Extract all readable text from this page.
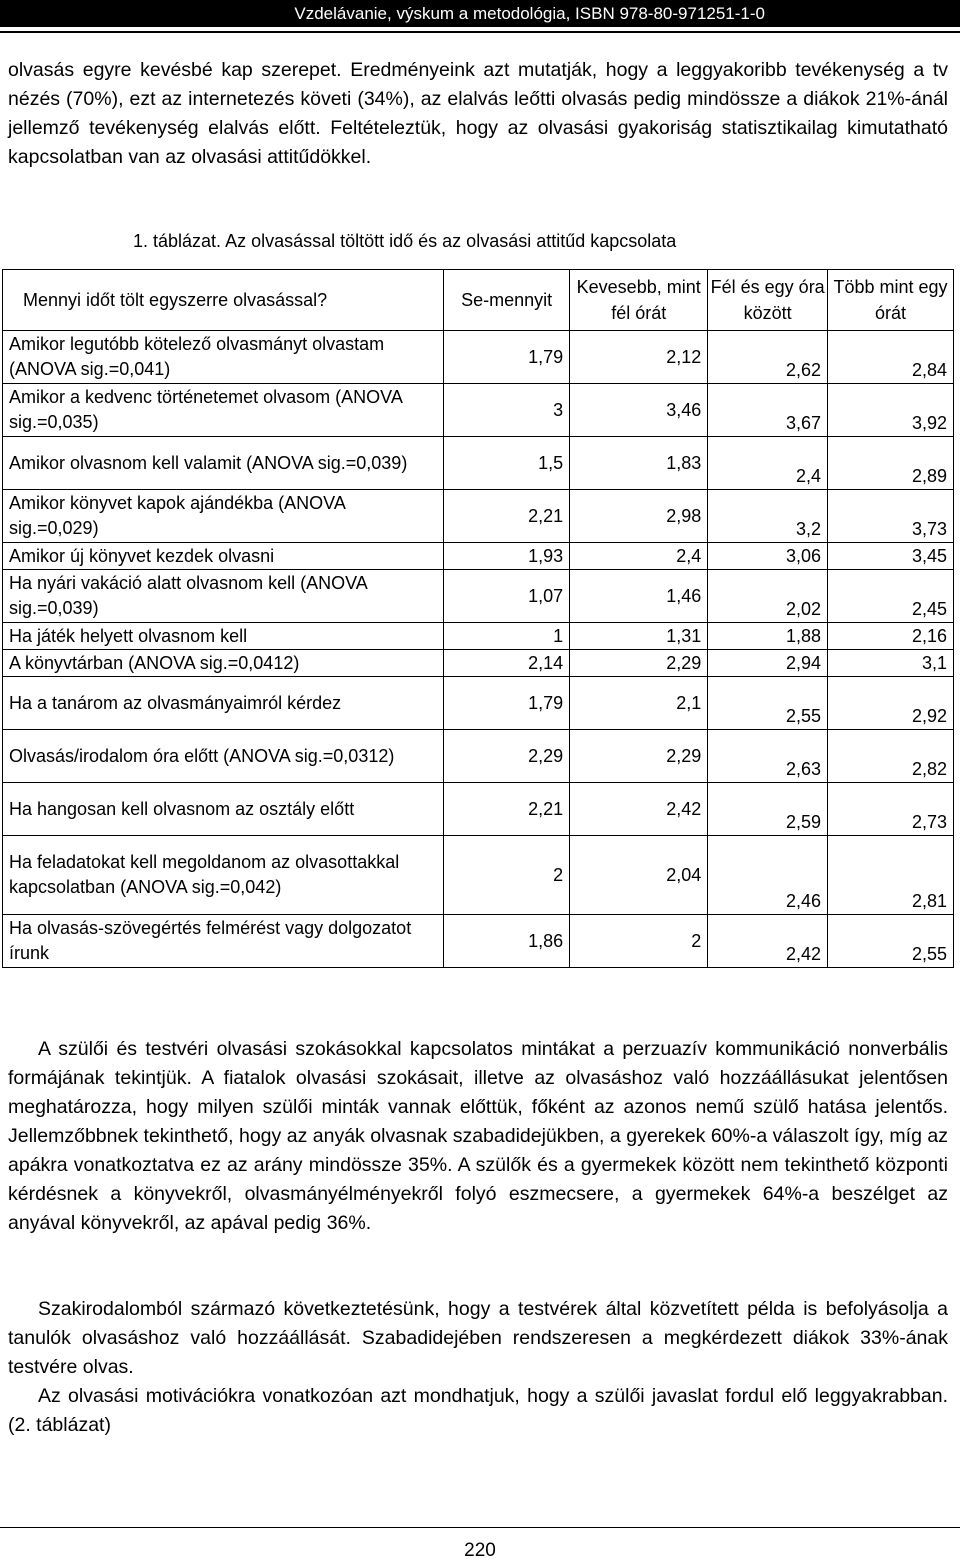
Vzdelávanie, výskum a metodológia, ISBN 978-80-971251-1-0

olvasás egyre kevésbé kap szerepet. Eredményeink azt mutatják, hogy a leggyakoribb tevékenység a tv nézés (70%), ezt az internetezés követi (34%), az elalvás leőtti olvasás pedig mindössze a diákok 21%-ánál jellemző tevékenység elalvás előtt. Feltételeztük, hogy az olvasási gyakoriság statisztikailag kimutatható kapcsolatban van az olvasási attitűdökkel.

1. táblázat. Az olvasással töltött idő és az olvasási attitűd kapcsolata
Mennyi időt tölt egyszerre olvasással?	Se-mennyit	Kevesebb, mint fél órát	Fél és egy óra között	Több mint egy órát
Amikor legutóbb kötelező olvasmányt olvastam (ANOVA sig.=0,041)	1,79	2,12	2,62	2,84
Amikor a kedvenc történetemet olvasom (ANOVA sig.=0,035)	3	3,46	3,67	3,92
Amikor olvasnom kell valamit (ANOVA sig.=0,039)	1,5	1,83	2,4	2,89
Amikor könyvet kapok ajándékba (ANOVA sig.=0,029)	2,21	2,98	3,2	3,73
Amikor új könyvet kezdek olvasni	1,93	2,4	3,06	3,45
Ha nyári vakáció alatt olvasnom kell (ANOVA sig.=0,039)	1,07	1,46	2,02	2,45
Ha játék helyett olvasnom kell	1	1,31	1,88	2,16
A könyvtárban (ANOVA sig.=0,0412)	2,14	2,29	2,94	3,1
Ha a tanárom az olvasmányaimról kérdez	1,79	2,1	2,55	2,92
Olvasás/irodalom óra előtt (ANOVA sig.=0,0312)	2,29	2,29	2,63	2,82
Ha hangosan kell olvasnom az osztály előtt	2,21	2,42	2,59	2,73
Ha feladatokat kell megoldanom az olvasottakkal kapcsolatban (ANOVA sig.=0,042)	2	2,04	2,46	2,81
Ha olvasás-szövegértés felmérést vagy dolgozatot írunk	1,86	2	2,42	2,55

A szülői és testvéri olvasási szokásokkal kapcsolatos mintákat a perzuazív kommunikáció nonverbális formájának tekintjük. A fiatalok olvasási szokásait, illetve az olvasáshoz való hozzáállásukat jelentősen meghatározza, hogy milyen szülői minták vannak előttük, főként az azonos nemű szülő hatása jelentős. Jellemzőbbnek tekinthető, hogy az anyák olvasnak szabadidejükben, a gyerekek 60%-a válaszolt így, míg az apákra vonatkoztatva ez az arány mindössze 35%. A szülők és a gyermekek között nem tekinthető központi kérdésnek a könyvekről, olvasmányélményekről folyó eszmecsere, a gyermekek 64%-a beszélget az anyával könyvekről, az apával pedig 36%.

Szakirodalomból származó következtetésünk, hogy a testvérek által közvetített példa is befolyásolja a tanulók olvasáshoz való hozzáállását. Szabadidejében rendszeresen a megkérdezett diákok 33%-ának testvére olvas.

Az olvasási motivációkra vonatkozóan azt mondhatjuk, hogy a szülői javaslat fordul elő leggyakrabban. (2. táblázat)

220
